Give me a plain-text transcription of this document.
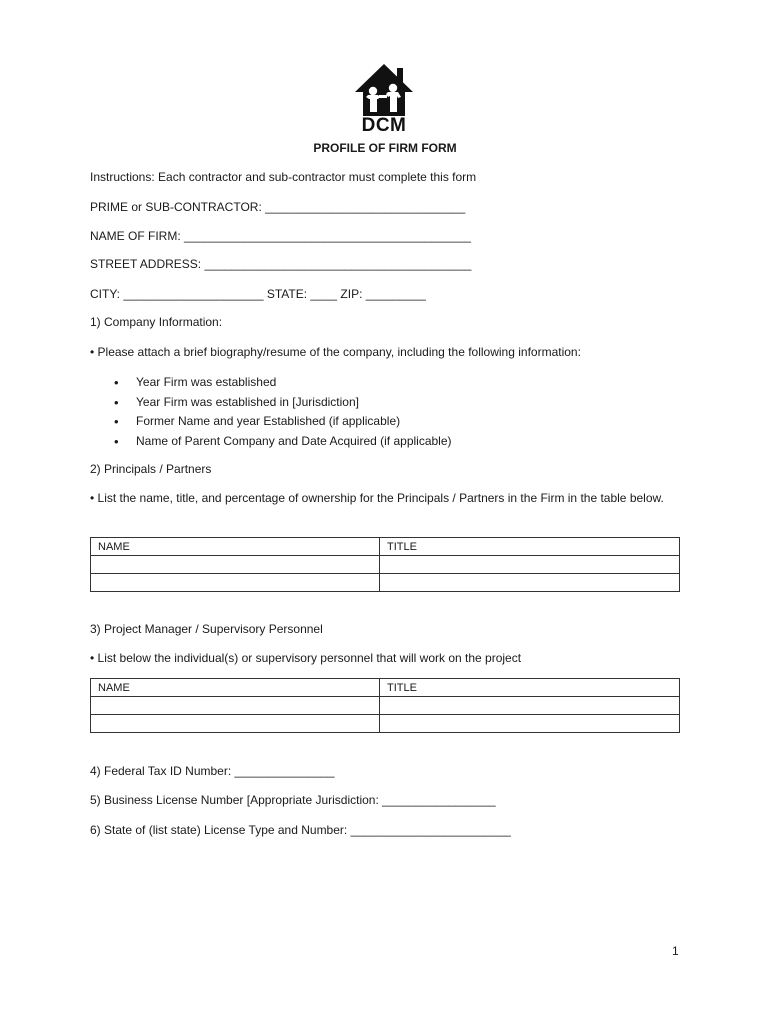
DCM
PROFILE OF FIRM FORM
Instructions: Each contractor and sub-contractor must complete this form
PRIME or SUB-CONTRACTOR: ______________________________
NAME OF FIRM: ___________________________________________
STREET ADDRESS: ________________________________________
CITY: _____________________ STATE: ____ ZIP: _________
1) Company Information:
• Please attach a brief biography/resume of the company, including the following information:
• Year Firm was established
• Year Firm was established in [Jurisdiction]
• Former Name and year Established (if applicable)
• Name of Parent Company and Date Acquired (if applicable)
2) Principals / Partners
• List the name, title, and percentage of ownership for the Principals / Partners in the Firm in the table below.
NAME	TITLE

3) Project Manager / Supervisory Personnel
• List below the individual(s) or supervisory personnel that will work on the project
NAME	TITLE

4) Federal Tax ID Number: _______________
5) Business License Number [Appropriate Jurisdiction: _________________
6) State of (list state) License Type and Number: ________________________
1
